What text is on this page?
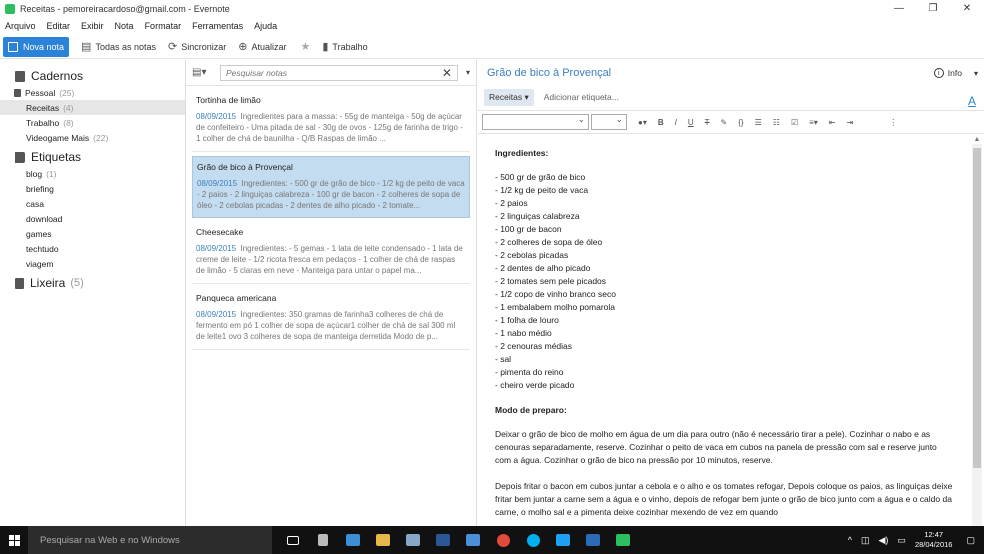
Receitas - pemoreiracardoso@gmail.com - Evernote	—	❐	✕
Arquivo Editar Exibir Nota Formatar Ferramentas Ajuda
Nova nota ▤ Todas as notas ⟳ Sincronizar ⊕ Atualizar ★ ▮ Trabalho
Cadernos
Pessoal (25)
Receitas (4)
Trabalho (8)
Videogame Mais (22)
Etiquetas
blog (1)
briefing
casa
download
games
techtudo
viagem
Lixeira (5)
▤▾
Pesquisar notas	✕ ▾
Tortinha de limão
08/09/2015 Ingredientes para a massa: - 55g de manteiga - 50g de açúcar de confeiteiro - Uma pitada de sal - 30g de ovos - 125g de farinha de trigo - 1 colher de chá de baunilha - Q/B Raspas de limão ...
Grão de bico à Provençal
08/09/2015 Ingredientes: - 500 gr de grão de bico - 1/2 kg de peito de vaca - 2 paios - 2 linguiças calabreza - 100 gr de bacon - 2 colheres de sopa de óleo - 2 cebolas picadas - 2 dentes de alho picado - 2 tomate...
Cheesecake
08/09/2015 Ingredientes: - 5 gemas - 1 lata de leite condensado - 1 lata de creme de leite - 1/2 ricota fresca em pedaços - 1 colher de chá de raspas de limão - 5 claras em neve - Manteiga para untar o papel ma...
Panqueca americana
08/09/2015 Ingredientes: 350 gramas de farinha3 colheres de chá de fermento em pó 1 colher de sopa de açúcar1 colher de chá de sal 300 ml de leite1 ovo 3 colheres de sopa de manteiga derretida Modo de p...
Grão de bico à Provençal	i Info ▾
Receitas ▾	Adicionar etiqueta...	A
⌄
⌄
●▾ B I U T ✎ {} ☰ ☷ ☑ ≡▾ ⇤ ⇥	⋮
Ingredientes:
- 500 gr de grão de bico
- 1/2 kg de peito de vaca
- 2 paios
- 2 linguiças calabreza
- 100 gr de bacon
- 2 colheres de sopa de óleo
- 2 cebolas picadas
- 2 dentes de alho picado
- 2 tomates sem pele picados
- 1/2 copo de vinho branco seco
- 1 embalabem molho pomarola
- 1 folha de louro
- 1 nabo médio
- 2 cenouras médias
- sal
- pimenta do reino
- cheiro verde picado
Modo de preparo:
Deixar o grão de bico de molho em água de um dia para outro (não é necessário tirar a pele). Cozinhar o nabo e as cenouras separadamente, reserve. Cozinhar o peito de vaca em cubos na panela de pressão com sal e reserve junto com a água. Cozinhar o grão de bico na pressão por 10 minutos, reserve.
Depois fritar o bacon em cubos juntar a cebola e o alho e os tomates refogar, Depois coloque os paios, as linguiças deixe fritar bem juntar a carne sem a água e o vinho, depois de refogar bem junte o grão de bico junto com a água e o caldo da carne, o molho sal e a pimenta deixe cozinhar mexendo de vez em quando
▲
Pesquisar na Web e no Windows	^ ◫ ◀) ▭	12:47
28/04/2016 ▢
